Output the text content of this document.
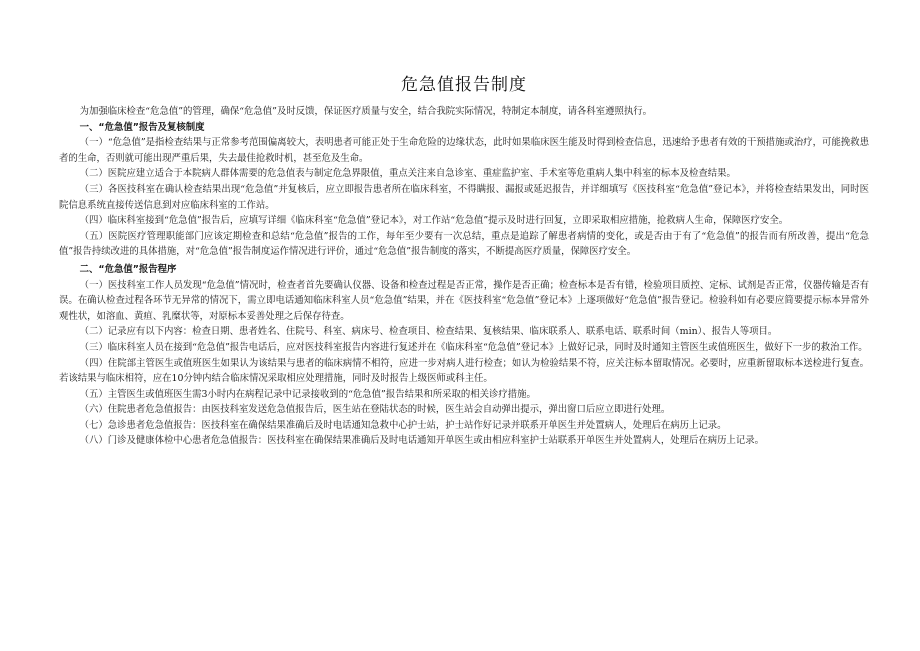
危急值报告制度

为加强临床检查“危急值”的管理，确保“危急值”及时反馈，保证医疗质量与安全，结合我院实际情况，特制定本制度，请各科室遵照执行。

一、“危急值”报告及复核制度

（一）“危急值”是指检查结果与正常参考范围偏离较大，表明患者可能正处于生命危险的边缘状态，此时如果临床医生能及时得到检查信息，迅速给予患者有效的干预措施或治疗，可能挽救患者的生命，否则就可能出现严重后果，失去最佳抢救时机，甚至危及生命。

（二）医院应建立适合于本院病人群体需要的危急值表与制定危急界限值，重点关注来自急诊室、重症监护室、手术室等危重病人集中科室的标本及检查结果。

（三）各医技科室在确认检查结果出现“危急值”并复核后，应立即报告患者所在临床科室，不得瞒报、漏报或延迟报告，并详细填写《医技科室“危急值”登记本》，并将检查结果发出，同时医院信息系统直接传送信息到对应临床科室的工作站。

（四）临床科室接到“危急值”报告后，应填写详细《临床科室“危急值”登记本》，对工作站“危急值”提示及时进行回复，立即采取相应措施，抢救病人生命，保障医疗安全。

（五）医院医疗管理职能部门应该定期检查和总结“危急值”报告的工作，每年至少要有一次总结，重点是追踪了解患者病情的变化，或是否由于有了“危急值”的报告而有所改善，提出“危急值”报告持续改进的具体措施，对“危急值”报告制度运作情况进行评价，通过“危急值”报告制度的落实，不断提高医疗质量，保障医疗安全。

二、“危急值”报告程序

（一）医技科室工作人员发现“危急值”情况时，检查者首先要确认仪器、设备和检查过程是否正常，操作是否正确；检查标本是否有错，检验项目质控、定标、试剂是否正常，仪器传输是否有误。在确认检查过程各环节无异常的情况下，需立即电话通知临床科室人员“危急值”结果，并在《医技科室“危急值”登记本》上逐项做好“危急值”报告登记。检验科如有必要应简要提示标本异常外观性状，如溶血、黄疸、乳糜状等，对原标本妥善处理之后保存待查。

（二）记录应有以下内容：检查日期、患者姓名、住院号、科室、病床号、检查项目、检查结果、复核结果、临床联系人、联系电话、联系时间（min）、报告人等项目。

（三）临床科室人员在接到“危急值”报告电话后，应对医技科室报告内容进行复述并在《临床科室“危急值”登记本》上做好记录，同时及时通知主管医生或值班医生，做好下一步的救治工作。

（四）住院部主管医生或值班医生如果认为该结果与患者的临床病情不相符，应进一步对病人进行检查；如认为检验结果不符，应关注标本留取情况。必要时，应重新留取标本送检进行复查。若该结果与临床相符，应在10分钟内结合临床情况采取相应处理措施，同时及时报告上级医师或科主任。

（五）主管医生或值班医生需3小时内在病程记录中记录接收到的“危急值”报告结果和所采取的相关诊疗措施。

（六）住院患者危急值报告：由医技科室发送危急值报告后，医生站在登陆状态的时候，医生站会自动弹出提示，弹出窗口后应立即进行处理。

（七）急诊患者危急值报告：医技科室在确保结果准确后及时电话通知急救中心护士站，护士站作好记录并联系开单医生并处置病人，处理后在病历上记录。

（八）门诊及健康体检中心患者危急值报告：医技科室在确保结果准确后及时电话通知开单医生或由相应科室护士站联系开单医生并处置病人，处理后在病历上记录。
